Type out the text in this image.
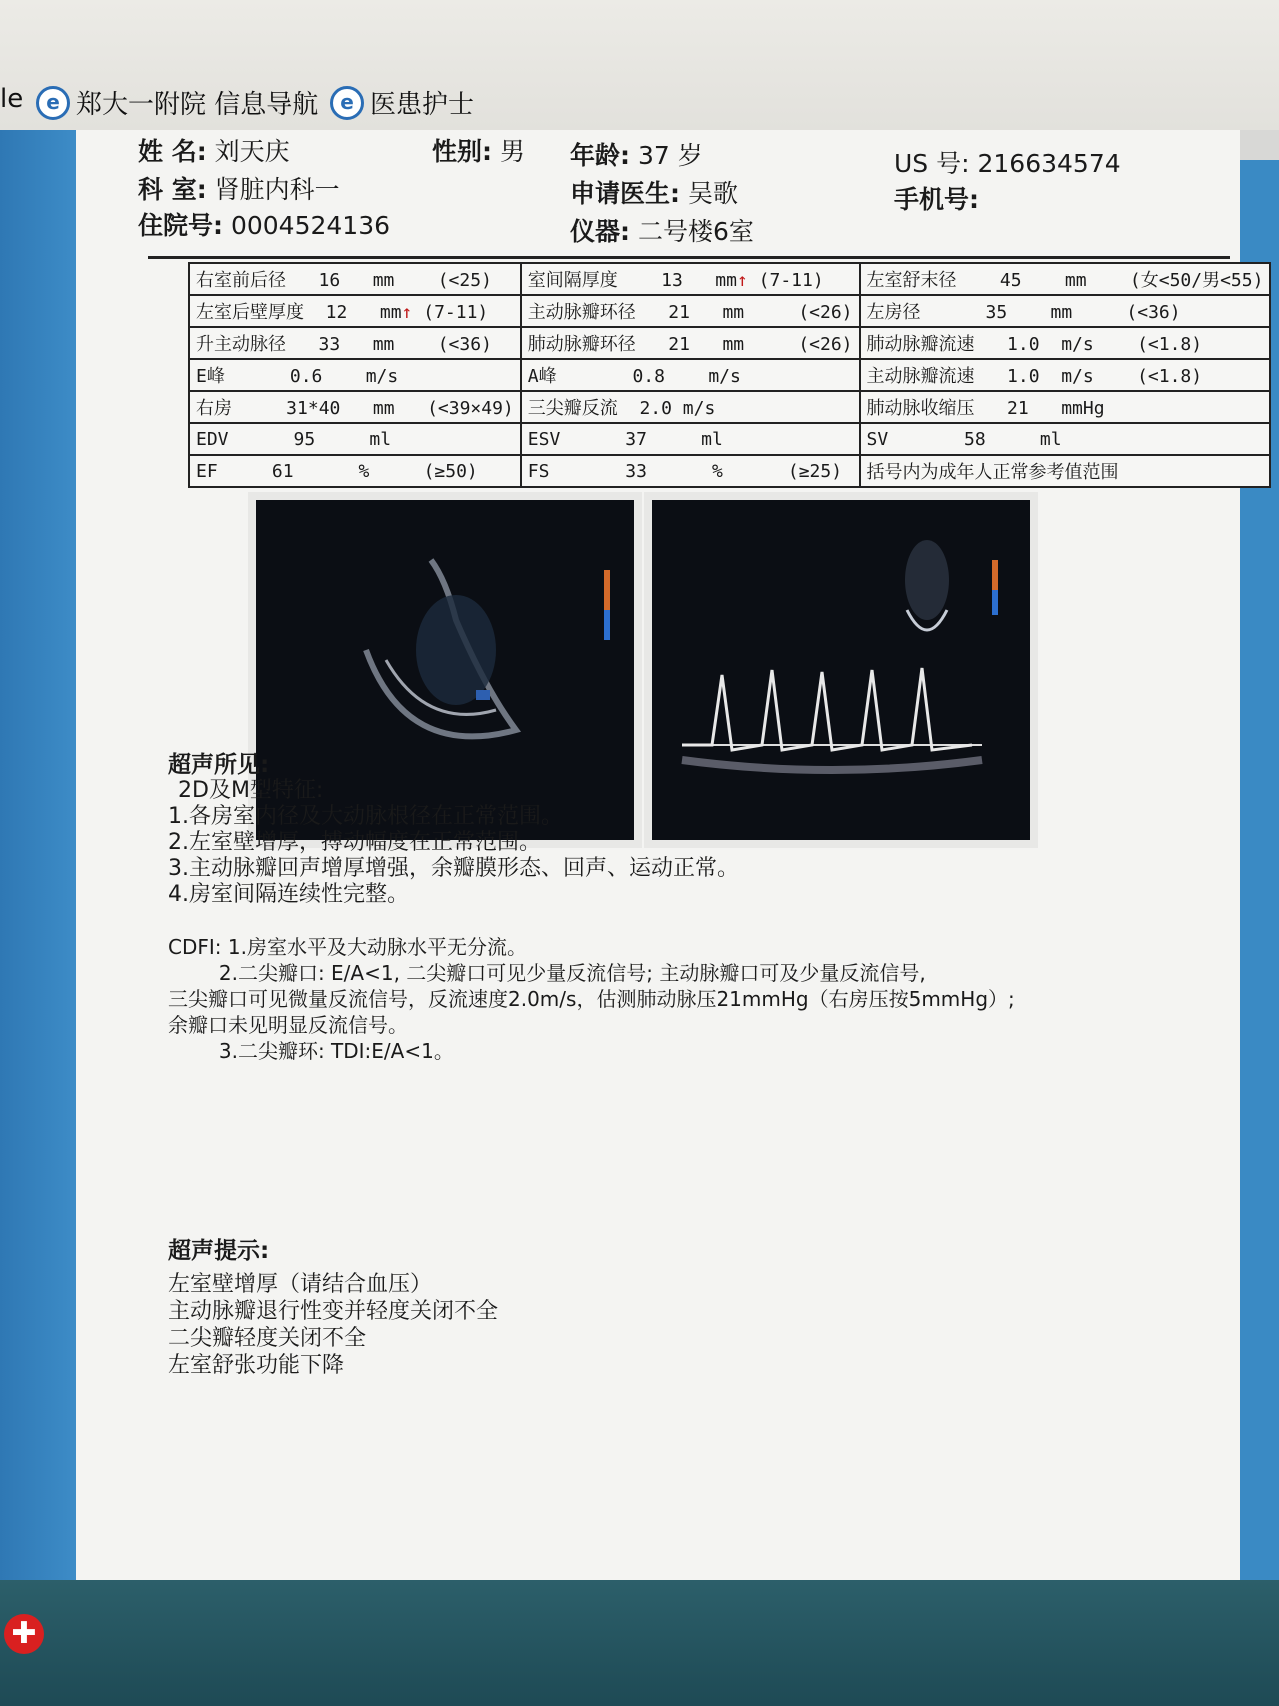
le	e 郑大一附院 信息导航	e 医患护士
姓 名: 刘天庆	性别: 男 年龄: 37 岁	US 号: 216634574
科 室: 肾脏内科一	申请医生: 吴歌	手机号:
住院号: 0004524136	仪器: 二号楼6室
右室前后径   16   mm    (<25)	室间隔厚度    13   mm↑ (7-11)	左室舒末径    45    mm    (女<50/男<55)
左室后壁厚度  12   mm↑ (7-11)	主动脉瓣环径   21   mm     (<26)	左房径      35    mm     (<36)
升主动脉径   33   mm    (<36)	肺动脉瓣环径   21   mm     (<26)	肺动脉瓣流速   1.0  m/s    (<1.8)
E峰      0.6    m/s	A峰       0.8    m/s	主动脉瓣流速   1.0  m/s    (<1.8)
右房     31*40   mm   (<39×49)	三尖瓣反流  2.0 m/s	肺动脉收缩压   21   mmHg
EDV      95     ml	ESV      37     ml	SV       58     ml
EF     61      %     (≥50)	FS       33      %      (≥25)	括号内为成年人正常参考值范围
超声所见:
2D及M型特征:
1.各房室内径及大动脉根径在正常范围。
2.左室壁增厚，搏动幅度在正常范围。
3.主动脉瓣回声增厚增强，余瓣膜形态、回声、运动正常。
4.房室间隔连续性完整。
CDFI: 1.房室水平及大动脉水平无分流。
2.二尖瓣口: E/A<1, 二尖瓣口可见少量反流信号; 主动脉瓣口可及少量反流信号,
三尖瓣口可见微量反流信号，反流速度2.0m/s，估测肺动脉压21mmHg（右房压按5mmHg）;
余瓣口未见明显反流信号。
3.二尖瓣环: TDI:E/A<1。
超声提示:
左室壁增厚（请结合血压）
主动脉瓣退行性变并轻度关闭不全
二尖瓣轻度关闭不全
左室舒张功能下降
✚
